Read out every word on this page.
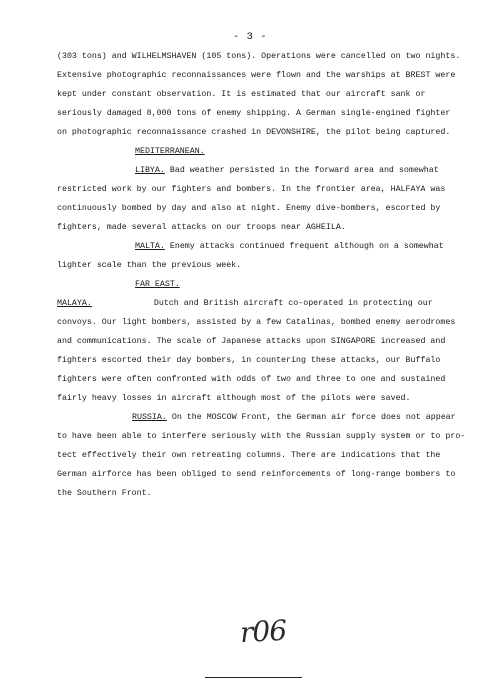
- 3 -
(303 tons) and WILHELMSHAVEN (105 tons). Operations were cancelled on two nights.
Extensive photographic reconnaissances were flown and the warships at BREST were
kept under constant observation. It is estimated that our aircraft sank or
seriously damaged 8,000 tons of enemy shipping. A German single-engined fighter
on photographic reconnaissance crashed in DEVONSHIRE, the pilot being captured.
MEDITERRANEAN.
LIBYA. Bad weather persisted in the forward area and somewhat
restricted work by our fighters and bombers. In the frontier area, HALFAYA was
continuously bombed by day and also at night. Enemy dive-bombers, escorted by
fighters, made several attacks on our troops near AGHEILA.
MALTA. Enemy attacks continued frequent although on a somewhat
lighter scale than the previous week.
FAR EAST.
MALAYA.	Dutch and British aircraft co-operated in protecting our
convoys. Our light bombers, assisted by a few Catalinas, bombed enemy aerodromes
and communications. The scale of Japanese attacks upon SINGAPORE increased and
fighters escorted their day bombers, in countering these attacks, our Buffalo
fighters were often confronted with odds of two and three to one and sustained
fairly heavy losses in aircraft although most of the pilots were saved.
RUSSIA. On the MOSCOW Front, the German air force does not appear
to have been able to interfere seriously with the Russian supply system or to pro-
tect effectively their own retreating columns. There are indications that the
German airforce has been obliged to send reinforcements of long-range bombers to
the Southern Front.
r06
